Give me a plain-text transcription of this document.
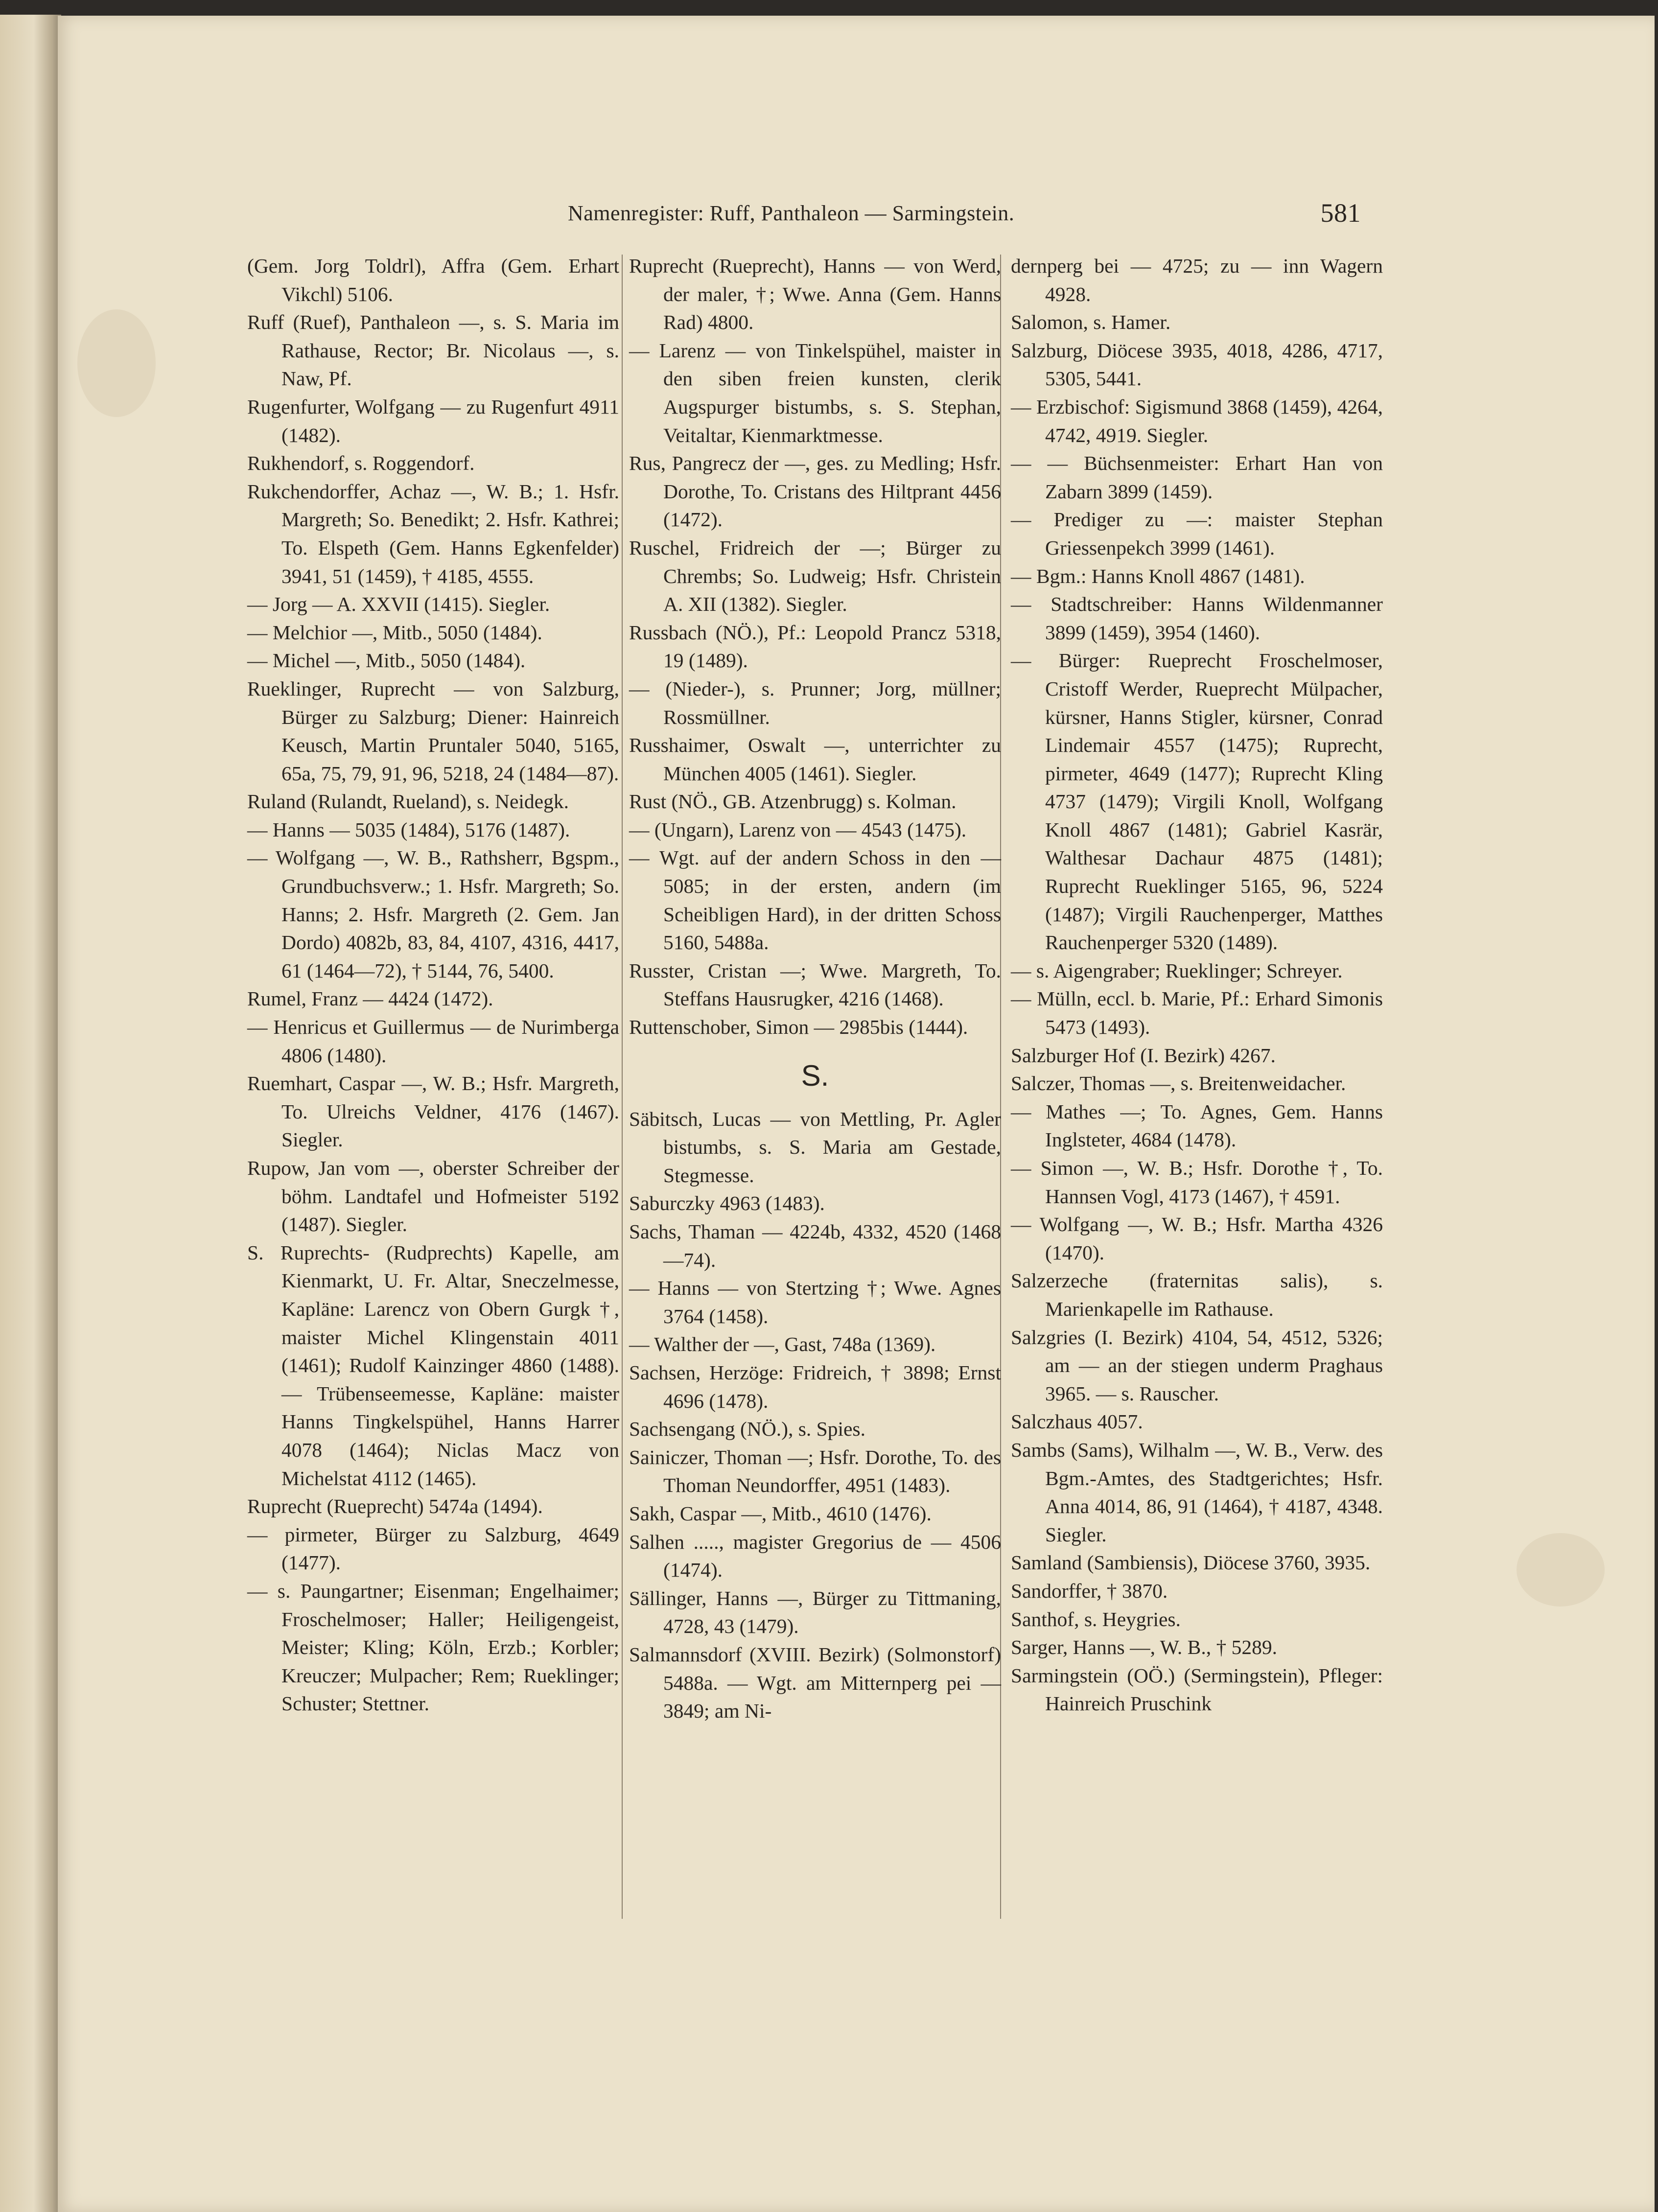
Namenregister: Ruff, Panthaleon — Sarmingstein.	581

(Gem. Jorg Toldrl), Affra (Gem. Erhart Vikchl) 5106.

Ruff (Ruef), Panthaleon —, s. S. Maria im Rathause, Rector; Br. Nicolaus —, s. Naw, Pf.

Rugenfurter, Wolfgang — zu Rugenfurt 4911 (1482).

Rukhendorf, s. Roggendorf.

Rukchendorffer, Achaz —, W. B.; 1. Hsfr. Margreth; So. Benedikt; 2. Hsfr. Kathrei; To. Elspeth (Gem. Hanns Egkenfelder) 3941, 51 (1459), † 4185, 4555.

— Jorg — A. XXVII (1415). Siegler.

— Melchior —, Mitb., 5050 (1484).

— Michel —, Mitb., 5050 (1484).

Rueklinger, Ruprecht — von Salzburg, Bürger zu Salzburg; Diener: Hainreich Keusch, Martin Pruntaler 5040, 5165, 65a, 75, 79, 91, 96, 5218, 24 (1484—87).

Ruland (Rulandt, Rueland), s. Neidegk.

— Hanns — 5035 (1484), 5176 (1487).

— Wolfgang —, W. B., Rathsherr, Bgspm., Grundbuchsverw.; 1. Hsfr. Margreth; So. Hanns; 2. Hsfr. Margreth (2. Gem. Jan Dordo) 4082b, 83, 84, 4107, 4316, 4417, 61 (1464—72), † 5144, 76, 5400.

Rumel, Franz — 4424 (1472).

— Henricus et Guillermus — de Nurimberga 4806 (1480).

Ruemhart, Caspar —, W. B.; Hsfr. Margreth, To. Ulreichs Veldner, 4176 (1467). Siegler.

Rupow, Jan vom —, oberster Schreiber der böhm. Landtafel und Hofmeister 5192 (1487). Siegler.

S. Ruprechts- (Rudprechts) Kapelle, am Kienmarkt, U. Fr. Altar, Sneczelmesse, Kapläne: Larencz von Obern Gurgk †, maister Michel Klingenstain 4011 (1461); Rudolf Kainzinger 4860 (1488). — Trübenseemesse, Kapläne: maister Hanns Tingkelspühel, Hanns Harrer 4078 (1464); Niclas Macz von Michelstat 4112 (1465).

Ruprecht (Rueprecht) 5474a (1494).

— pirmeter, Bürger zu Salzburg, 4649 (1477).

— s. Paungartner; Eisenman; Engelhaimer; Froschelmoser; Haller; Heiligengeist, Meister; Kling; Köln, Erzb.; Korbler; Kreuczer; Mulpacher; Rem; Rueklinger; Schuster; Stettner.

Ruprecht (Rueprecht), Hanns — von Werd, der maler, †; Wwe. Anna (Gem. Hanns Rad) 4800.

— Larenz — von Tinkelspühel, maister in den siben freien kunsten, clerik Augspurger bistumbs, s. S. Stephan, Veitaltar, Kienmarktmesse.

Rus, Pangrecz der —, ges. zu Medling; Hsfr. Dorothe, To. Cristans des Hiltprant 4456 (1472).

Ruschel, Fridreich der —; Bürger zu Chrembs; So. Ludweig; Hsfr. Christein A. XII (1382). Siegler.

Russbach (NÖ.), Pf.: Leopold Prancz 5318, 19 (1489).

— (Nieder-), s. Prunner; Jorg, müllner; Rossmüllner.

Russhaimer, Oswalt —, unterrichter zu München 4005 (1461). Siegler.

Rust (NÖ., GB. Atzenbrugg) s. Kolman.

— (Ungarn), Larenz von — 4543 (1475).

— Wgt. auf der andern Schoss in den — 5085; in der ersten, andern (im Scheibligen Hard), in der dritten Schoss 5160, 5488a.

Russter, Cristan —; Wwe. Margreth, To. Steffans Hausrugker, 4216 (1468).

Ruttenschober, Simon — 2985bis (1444).

S.

Säbitsch, Lucas — von Mettling, Pr. Agler bistumbs, s. S. Maria am Gestade, Stegmesse.

Saburczky 4963 (1483).

Sachs, Thaman — 4224b, 4332, 4520 (1468—74).

— Hanns — von Stertzing †; Wwe. Agnes 3764 (1458).

— Walther der —, Gast, 748a (1369).

Sachsen, Herzöge: Fridreich, † 3898; Ernst 4696 (1478).

Sachsengang (NÖ.), s. Spies.

Sainiczer, Thoman —; Hsfr. Dorothe, To. des Thoman Neundorffer, 4951 (1483).

Sakh, Caspar —, Mitb., 4610 (1476).

Salhen ....., magister Gregorius de — 4506 (1474).

Sällinger, Hanns —, Bürger zu Tittmaning, 4728, 43 (1479).

Salmannsdorf (XVIII. Bezirk) (Solmonstorf) 5488a. — Wgt. am Mitternperg pei — 3849; am Ni-

dernperg bei — 4725; zu — inn Wagern 4928.

Salomon, s. Hamer.

Salzburg, Diöcese 3935, 4018, 4286, 4717, 5305, 5441.

— Erzbischof: Sigismund 3868 (1459), 4264, 4742, 4919. Siegler.

— — Büchsenmeister: Erhart Han von Zabarn 3899 (1459).

— Prediger zu —: maister Stephan Griessenpekch 3999 (1461).

— Bgm.: Hanns Knoll 4867 (1481).

— Stadtschreiber: Hanns Wildenmanner 3899 (1459), 3954 (1460).

— Bürger: Rueprecht Froschelmoser, Cristoff Werder, Rueprecht Mülpacher, kürsner, Hanns Stigler, kürsner, Conrad Lindemair 4557 (1475); Ruprecht, pirmeter, 4649 (1477); Ruprecht Kling 4737 (1479); Virgili Knoll, Wolfgang Knoll 4867 (1481); Gabriel Kasrär, Walthesar Dachaur 4875 (1481); Ruprecht Rueklinger 5165, 96, 5224 (1487); Virgili Rauchenperger, Matthes Rauchenperger 5320 (1489).

— s. Aigengraber; Rueklinger; Schreyer.

— Mülln, eccl. b. Marie, Pf.: Erhard Simonis 5473 (1493).

Salzburger Hof (I. Bezirk) 4267.

Salczer, Thomas —, s. Breitenweidacher.

— Mathes —; To. Agnes, Gem. Hanns Inglsteter, 4684 (1478).

— Simon —, W. B.; Hsfr. Dorothe †, To. Hannsen Vogl, 4173 (1467), † 4591.

— Wolfgang —, W. B.; Hsfr. Martha 4326 (1470).

Salzerzeche (fraternitas salis), s. Marienkapelle im Rathause.

Salzgries (I. Bezirk) 4104, 54, 4512, 5326; am — an der stiegen underm Praghaus 3965. — s. Rauscher.

Salczhaus 4057.

Sambs (Sams), Wilhalm —, W. B., Verw. des Bgm.-Amtes, des Stadtgerichtes; Hsfr. Anna 4014, 86, 91 (1464), † 4187, 4348. Siegler.

Samland (Sambiensis), Diöcese 3760, 3935.

Sandorffer, † 3870.

Santhof, s. Heygries.

Sarger, Hanns —, W. B., † 5289.

Sarmingstein (OÖ.) (Sermingstein), Pfleger: Hainreich Pruschink
